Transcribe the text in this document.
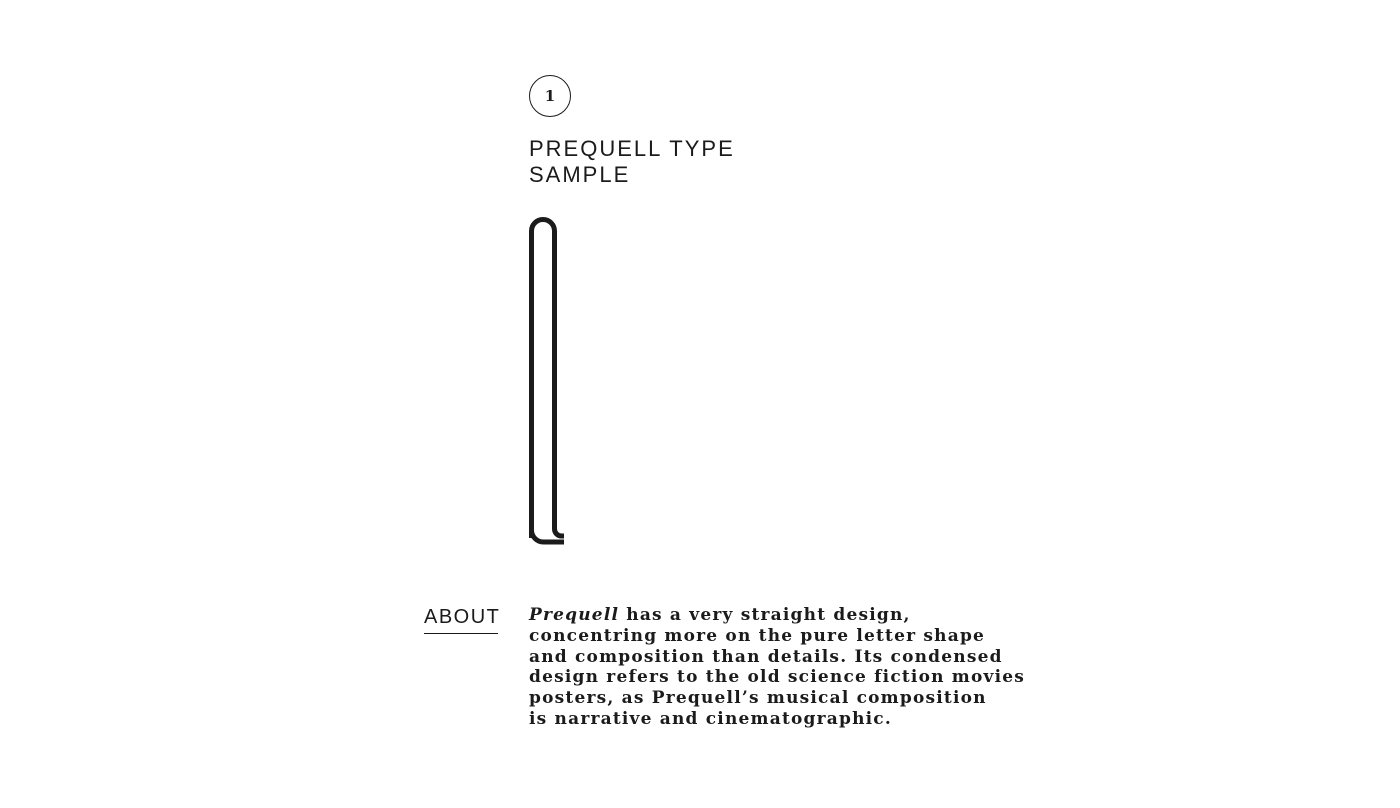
1
PREQUELL TYPE
SAMPLE
ABOUT Prequell has a very straight design,
concentring more on the pure letter shape
and composition than details. Its condensed
design refers to the old science fiction movies
posters, as Prequell’s musical composition
is narrative and cinematographic.
